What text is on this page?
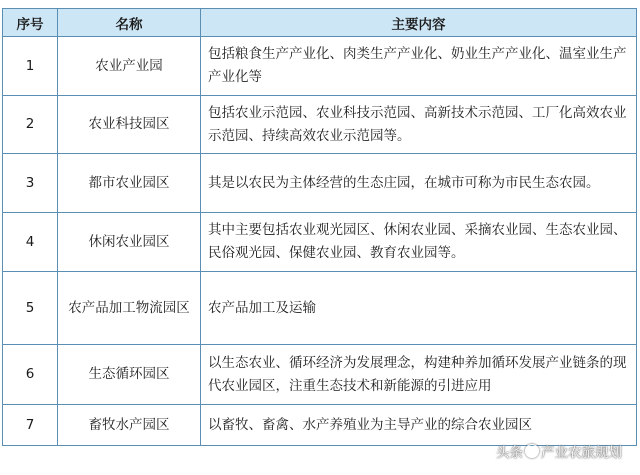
序号	名称	主要内容
1	农业产业园	包括粮食生产产业化、肉类生产产业化、奶业生产产业化、温室业生产产业化等
2	农业科技园区	包括农业示范园、农业科技示范园、高新技术示范园、工厂化高效农业示范园、持续高效农业示范园等。
3	都市农业园区	其是以农民为主体经营的生态庄园，在城市可称为市民生态农园。
4	休闲农业园区	其中主要包括农业观光园区、休闲农业园、采摘农业园、生态农业园、民俗观光园、保健农业园、教育农业园等。
5	农产品加工物流园区	农产品加工及运输
6	生态循环园区	以生态农业、循环经济为发展理念，构建种养加循环发展产业链条的现代农业园区，注重生态技术和新能源的引进应用
7	畜牧水产园区	以畜牧、畜禽、水产养殖业为主导产业的综合农业园区
头条 产业农旅规划
